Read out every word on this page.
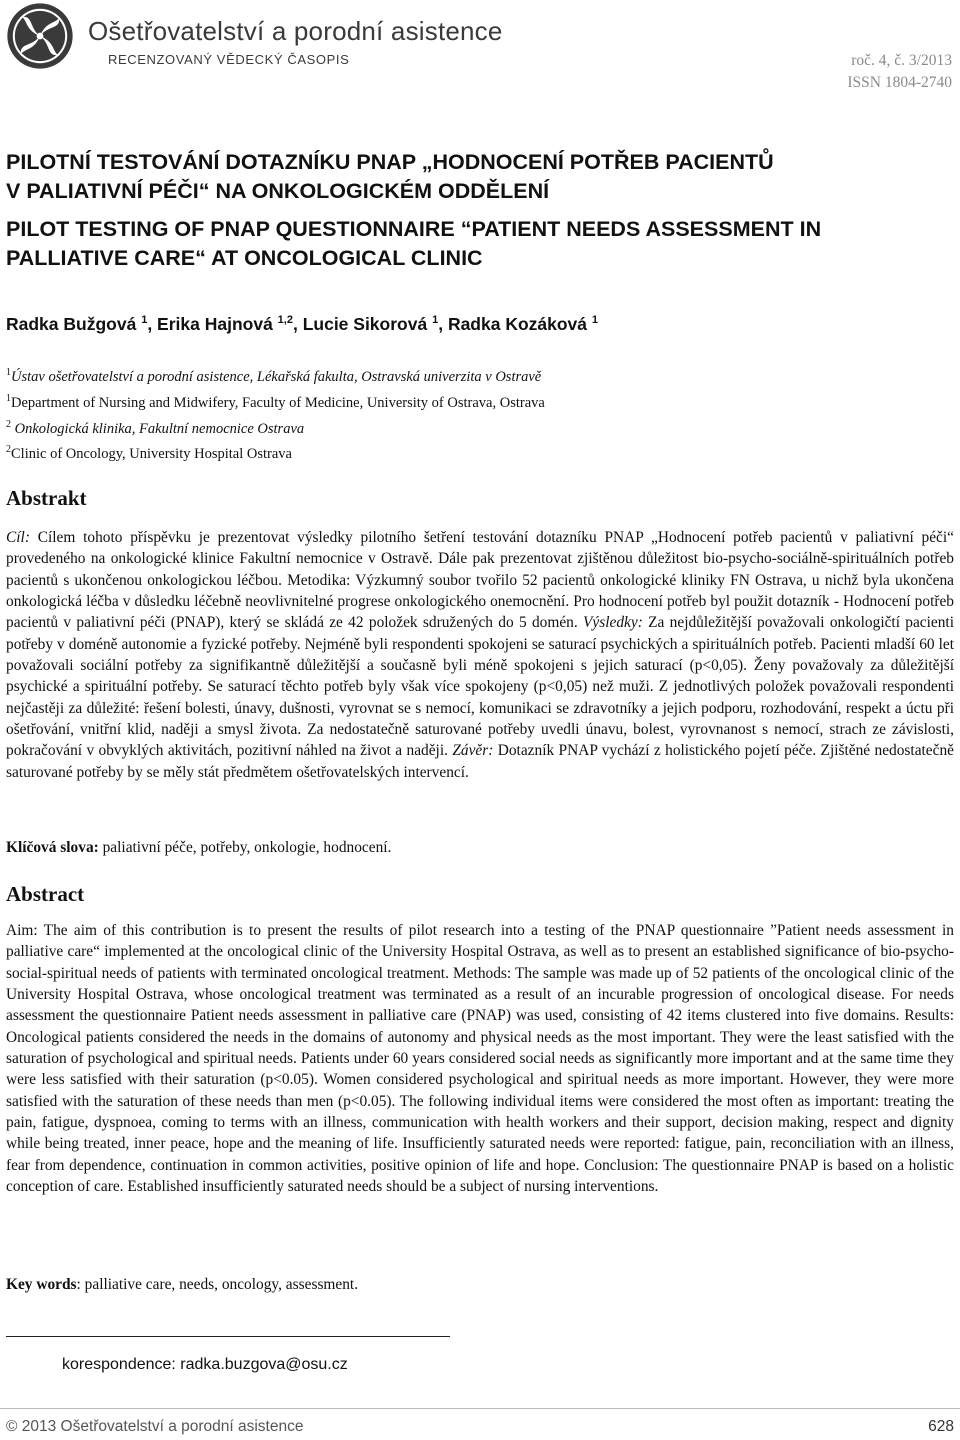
Ošetřovatelství a porodní asistence
RECENZOVANÝ VĚDECKÝ ČASOPIS	roč. 4, č. 3/2013
ISSN 1804-2740
PILOTNÍ TESTOVÁNÍ DOTAZNÍKU PNAP „HODNOCENÍ POTŘEB PACIENTŮ
V PALIATIVNÍ PÉČI“ NA ONKOLOGICKÉM ODDĚLENÍ
PILOT TESTING OF PNAP QUESTIONNAIRE “PATIENT NEEDS ASSESSMENT IN
PALLIATIVE CARE“ AT ONCOLOGICAL CLINIC
Radka Bužgová $^1$, Erika Hajnová $^{1,2}$, Lucie Sikorová $^1$, Radka Kozáková $^1$
$^1$Ústav ošetřovatelství a porodní asistence, Lékařská fakulta, Ostravská univerzita v Ostravě
$^1$Department of Nursing and Midwifery, Faculty of Medicine, University of Ostrava, Ostrava
$^2$ Onkologická klinika, Fakultní nemocnice Ostrava
$^2$Clinic of Oncology, University Hospital Ostrava
Abstrakt
Cíl: Cílem tohoto příspěvku je prezentovat výsledky pilotního šetření testování dotazníku PNAP „Hodnocení potřeb pacientů v paliativní péči“ provedeného na onkologické klinice Fakultní nemocnice v Ostravě. Dále pak prezentovat zjištěnou důležitost bio-psycho-sociálně-spirituálních potřeb pacientů s ukončenou onkologickou léčbou. Metodika: Výzkumný soubor tvořilo 52 pacientů onkologické kliniky FN Ostrava, u nichž byla ukončena onkologická léčba v důsledku léčebně neovlivnitelné progrese onkologického onemocnění. Pro hodnocení potřeb byl použit dotazník - Hodnocení potřeb pacientů v paliativní péči (PNAP), který se skládá ze 42 položek sdružených do 5 domén. Výsledky: Za nejdůležitější považovali onkologičtí pacienti potřeby v doméně autonomie a fyzické potřeby. Nejméně byli respondenti spokojeni se saturací psychických a spirituálních potřeb. Pacienti mladší 60 let považovali sociální potřeby za signifikantně důležitější a současně byli méně spokojeni s jejich saturací (p<0,05). Ženy považovaly za důležitější psychické a spirituální potřeby. Se saturací těchto potřeb byly však více spokojeny (p<0,05) než muži. Z jednotlivých položek považovali respondenti nejčastěji za důležité: řešení bolesti, únavy, dušnosti, vyrovnat se s nemocí, komunikaci se zdravotníky a jejich podporu, rozhodování, respekt a úctu při ošetřování, vnitřní klid, naději a smysl života. Za nedostatečně saturované potřeby uvedli únavu, bolest, vyrovnanost s nemocí, strach ze závislosti, pokračování v obvyklých aktivitách, pozitivní náhled na život a naději. Závěr: Dotazník PNAP vychází z holistického pojetí péče. Zjištěné nedostatečně saturované potřeby by se měly stát předmětem ošetřovatelských intervencí.
Klíčová slova: paliativní péče, potřeby, onkologie, hodnocení.
Abstract
Aim: The aim of this contribution is to present the results of pilot research into a testing of the PNAP questionnaire ”Patient needs assessment in palliative care“ implemented at the oncological clinic of the University Hospital Ostrava, as well as to present an established significance of bio-psycho-social-spiritual needs of patients with terminated oncological treatment. Methods: The sample was made up of 52 patients of the oncological clinic of the University Hospital Ostrava, whose oncological treatment was terminated as a result of an incurable progression of oncological disease. For needs assessment the questionnaire Patient needs assessment in palliative care (PNAP) was used, consisting of 42 items clustered into five domains. Results: Oncological patients considered the needs in the domains of autonomy and physical needs as the most important. They were the least satisfied with the saturation of psychological and spiritual needs. Patients under 60 years considered social needs as significantly more important and at the same time they were less satisfied with their saturation (p<0.05). Women considered psychological and spiritual needs as more important. However, they were more satisfied with the saturation of these needs than men (p<0.05). The following individual items were considered the most often as important: treating the pain, fatigue, dyspnoea, coming to terms with an illness, communication with health workers and their support, decision making, respect and dignity while being treated, inner peace, hope and the meaning of life. Insufficiently saturated needs were reported: fatigue, pain, reconciliation with an illness, fear from dependence, continuation in common activities, positive opinion of life and hope. Conclusion: The questionnaire PNAP is based on a holistic conception of care. Established insufficiently saturated needs should be a subject of nursing interventions.
Key words: palliative care, needs, oncology, assessment.
korespondence: radka.buzgova@osu.cz
© 2013 Ošetřovatelství a porodní asistence	628
